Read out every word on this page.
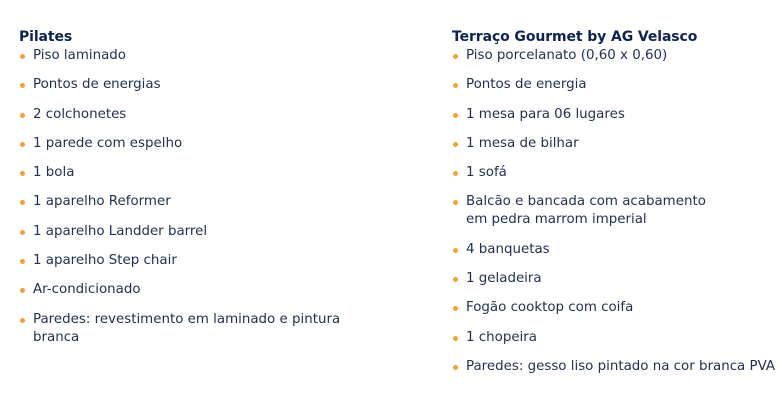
Pilates
Piso laminado
Pontos de energias
2 colchonetes
1 parede com espelho
1 bola
1 aparelho Reformer
1 aparelho Landder barrel
1 aparelho Step chair
Ar-condicionado
Paredes: revestimento em laminado e pintura branca
Terraço Gourmet by AG Velasco
Piso porcelanato (0,60 x 0,60)
Pontos de energia
1 mesa para 06 lugares
1 mesa de bilhar
1 sofá
Balcão e bancada com acabamento em pedra marrom imperial
4 banquetas
1 geladeira
Fogão cooktop com coifa
1 chopeira
Paredes: gesso liso pintado na cor branca PVA
